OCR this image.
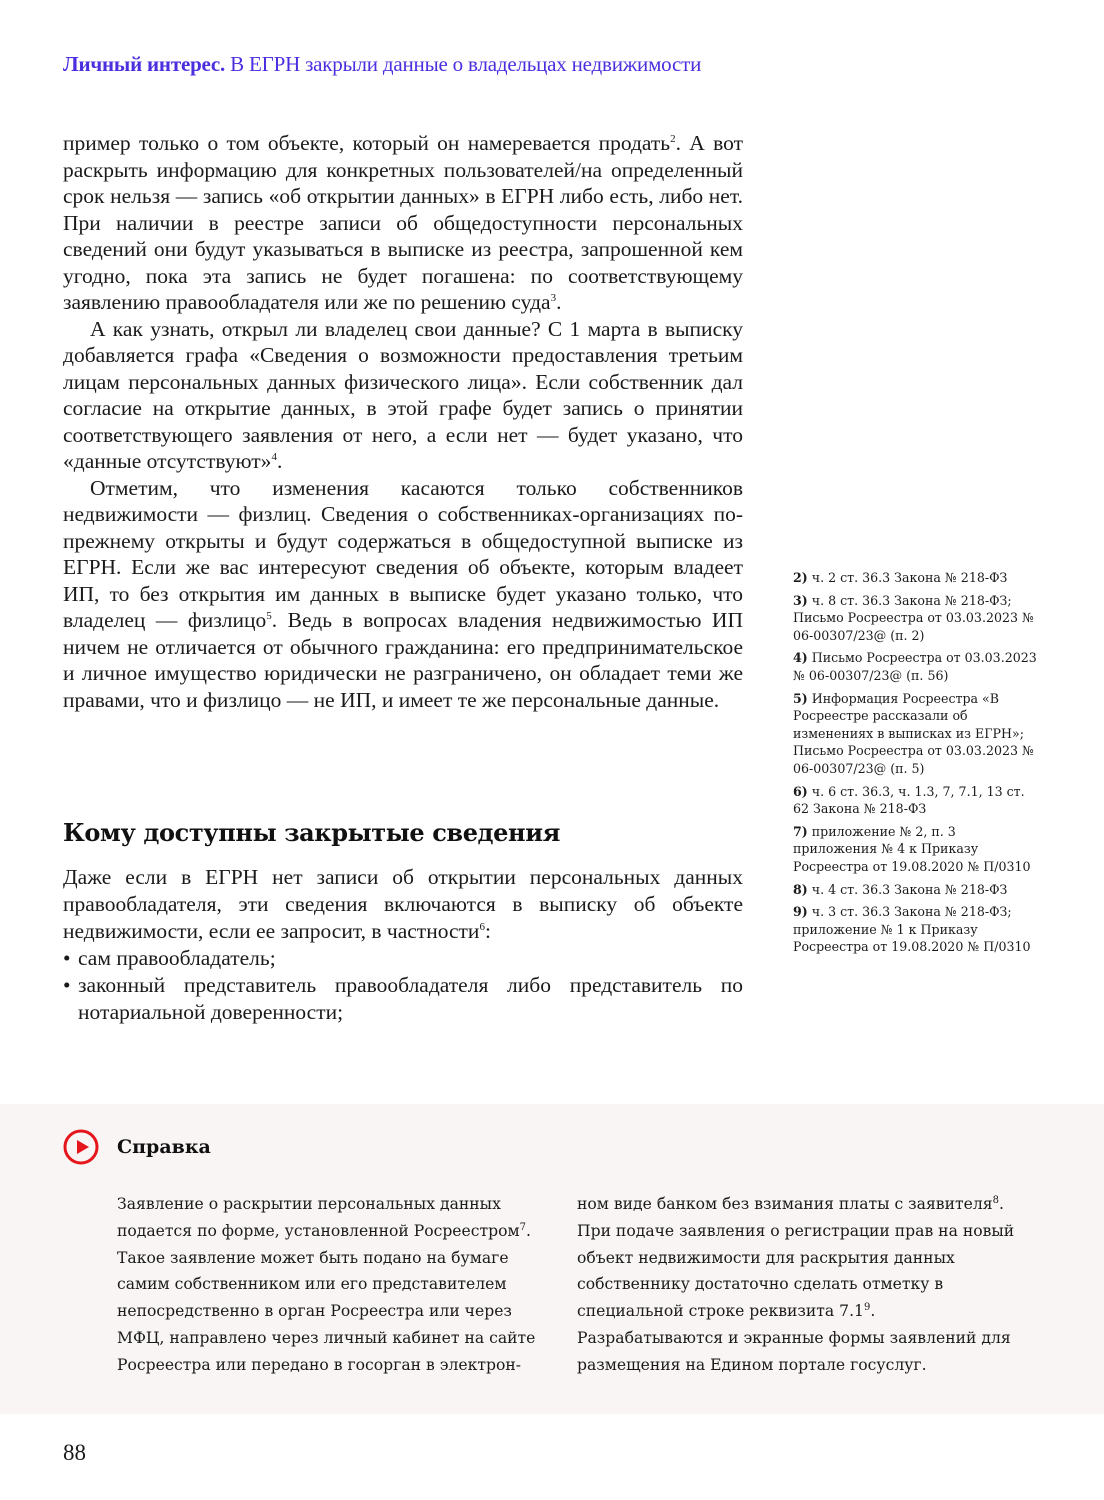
Личный интерес. В ЕГРН закрыли данные о владельцах недвижимости

пример только о том объекте, который он намеревается продать$^2$. А вот раскрыть информацию для конкретных пользователей/на определенный срок нельзя — запись «об открытии данных» в ЕГРН либо есть, либо нет. При наличии в реестре записи об общедоступности персональных сведений они будут указываться в выписке из реестра, запрошенной кем угодно, пока эта запись не будет погашена: по соответствующему заявлению правообладателя или же по решению суда$^3$.

А как узнать, открыл ли владелец свои данные? С 1 марта в выписку добавляется графа «Сведения о возможности предоставления третьим лицам персональных данных физического лица». Если собственник дал согласие на открытие данных, в этой графе будет запись о принятии соответствующего заявления от него, а если нет — будет указано, что «данные отсутствуют»$^4$.

Отметим, что изменения касаются только собственников недвижимости — физлиц. Сведения о собственниках-организациях по-прежнему открыты и будут содержаться в общедоступной выписке из ЕГРН. Если же вас интересуют сведения об объекте, которым владеет ИП, то без открытия им данных в выписке будет указано только, что владелец — физлицо$^5$. Ведь в вопросах владения недвижимостью ИП ничем не отличается от обычного гражданина: его предпринимательское и личное имущество юридически не разграничено, он обладает теми же правами, что и физлицо — не ИП, и имеет те же персональные данные.

Кому доступны закрытые сведения

Даже если в ЕГРН нет записи об открытии персональных данных правообладателя, эти сведения включаются в выписку об объекте недвижимости, если ее запросит, в частности$^6$:

• сам правообладатель;
• законный представитель правообладателя либо представитель по нотариальной доверенности;
2) ч. 2 ст. 36.3 Закона № 218-ФЗ
3) ч. 8 ст. 36.3 Закона № 218-ФЗ; Письмо Росреестра от 03.03.2023 № 06-00307/23@ (п. 2)
4) Письмо Росреестра от 03.03.2023 № 06-00307/23@ (п. 56)
5) Информация Росреестра «В Росреестре рассказали об изменениях в выписках из ЕГРН»; Письмо Росреестра от 03.03.2023 № 06-00307/23@ (п. 5)
6) ч. 6 ст. 36.3, ч. 1.3, 7, 7.1, 13 ст. 62 Закона № 218-ФЗ
7) приложение № 2, п. 3 приложения № 4 к Приказу Росреестра от 19.08.2020 № П/0310
8) ч. 4 ст. 36.3 Закона № 218-ФЗ
9) ч. 3 ст. 36.3 Закона № 218-ФЗ; приложение № 1 к Приказу Росреестра от 19.08.2020 № П/0310
Справка
Заявление о раскрытии персональных данных подается по форме, установленной Росреестром$^7$. Такое заявление может быть подано на бумаге самим собственником или его представителем непосредственно в орган Росреестра или через МФЦ, направлено через личный кабинет на сайте Росреестра или передано в госорган в электрон-
ном виде банком без взимания платы с заявителя$^8$. При подаче заявления о регистрации прав на новый объект недвижимости для раскрытия данных собственнику достаточно сделать отметку в специальной строке реквизита $7.1^9$. Разрабатываются и экранные формы заявлений для размещения на Едином портале госуслуг.
88
